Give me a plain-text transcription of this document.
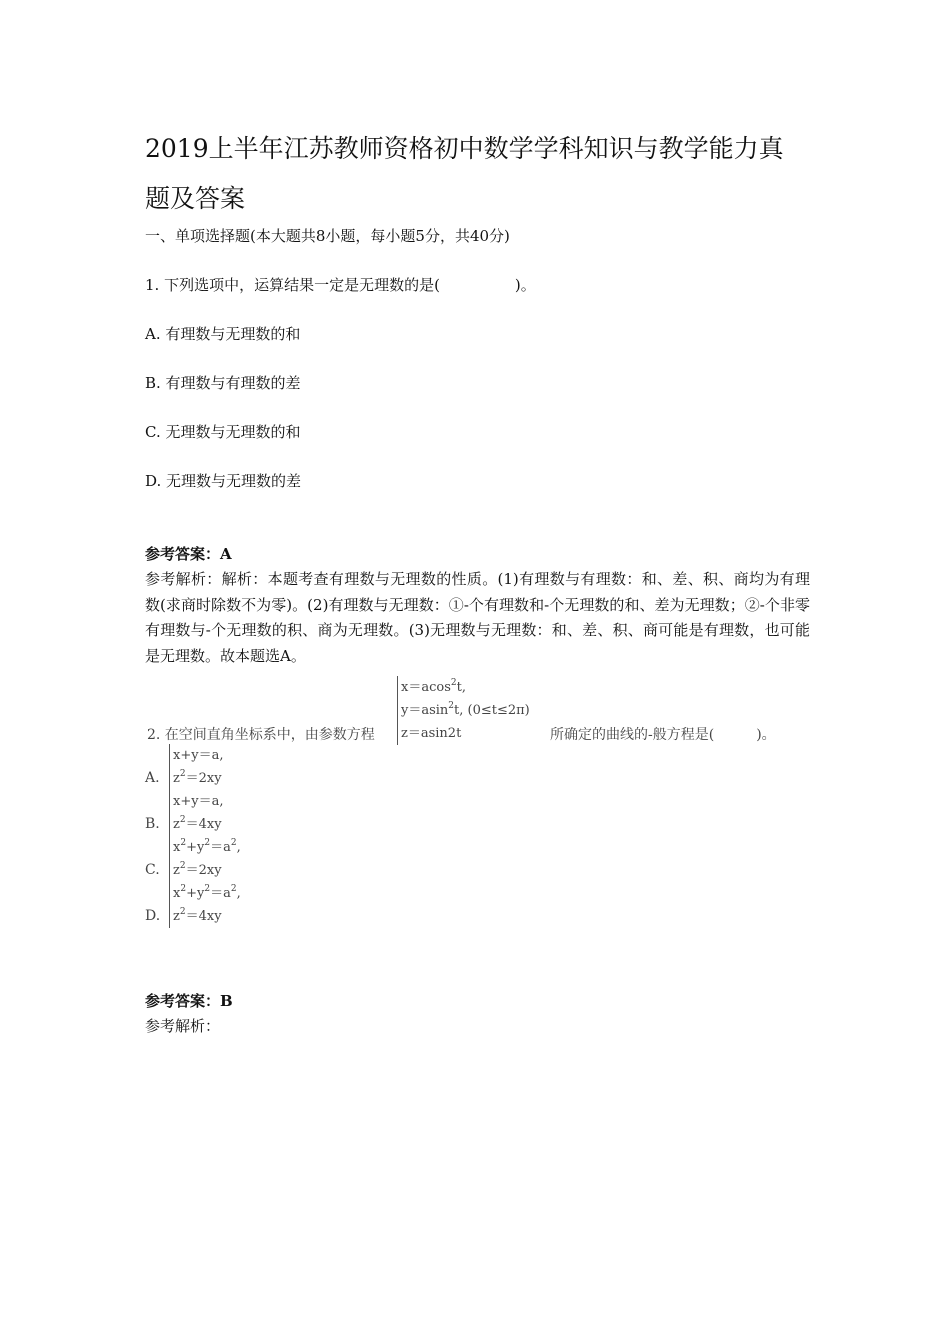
2019上半年江苏教师资格初中数学学科知识与教学能力真题及答案
一、单项选择题(本大题共8小题，每小题5分，共40分)
1. 下列选项中，运算结果一定是无理数的是(　　　　　)。
A. 有理数与无理数的和
B. 有理数与有理数的差
C. 无理数与无理数的和
D. 无理数与无理数的差
参考答案：A
参考解析：解析：本题考查有理数与无理数的性质。(1)有理数与有理数：和、差、积、商均为有理数(求商时除数不为零)。(2)有理数与无理数：①-个有理数和-个无理数的和、差为无理数；②-个非零有理数与-个无理数的积、商为无理数。(3)无理数与无理数：和、差、积、商可能是有理数，也可能是无理数。故本题选A。
2. 在空间直角坐标系中，由参数方程
x＝acos$^2$t,
y＝asin$^2$t, (0≤t≤2π)
z＝asin2t	所确定的曲线的-般方程是(　　　)。
A.
x+y＝a,
$z^2=2xy$
B.
x+y＝a,
$z^2=4xy$
C.
$x^2+y^2=a^2$,
$z^2=2xy$
D.
$x^2+y^2=a^2$,
$z^2=4xy$
参考答案：B
参考解析：
